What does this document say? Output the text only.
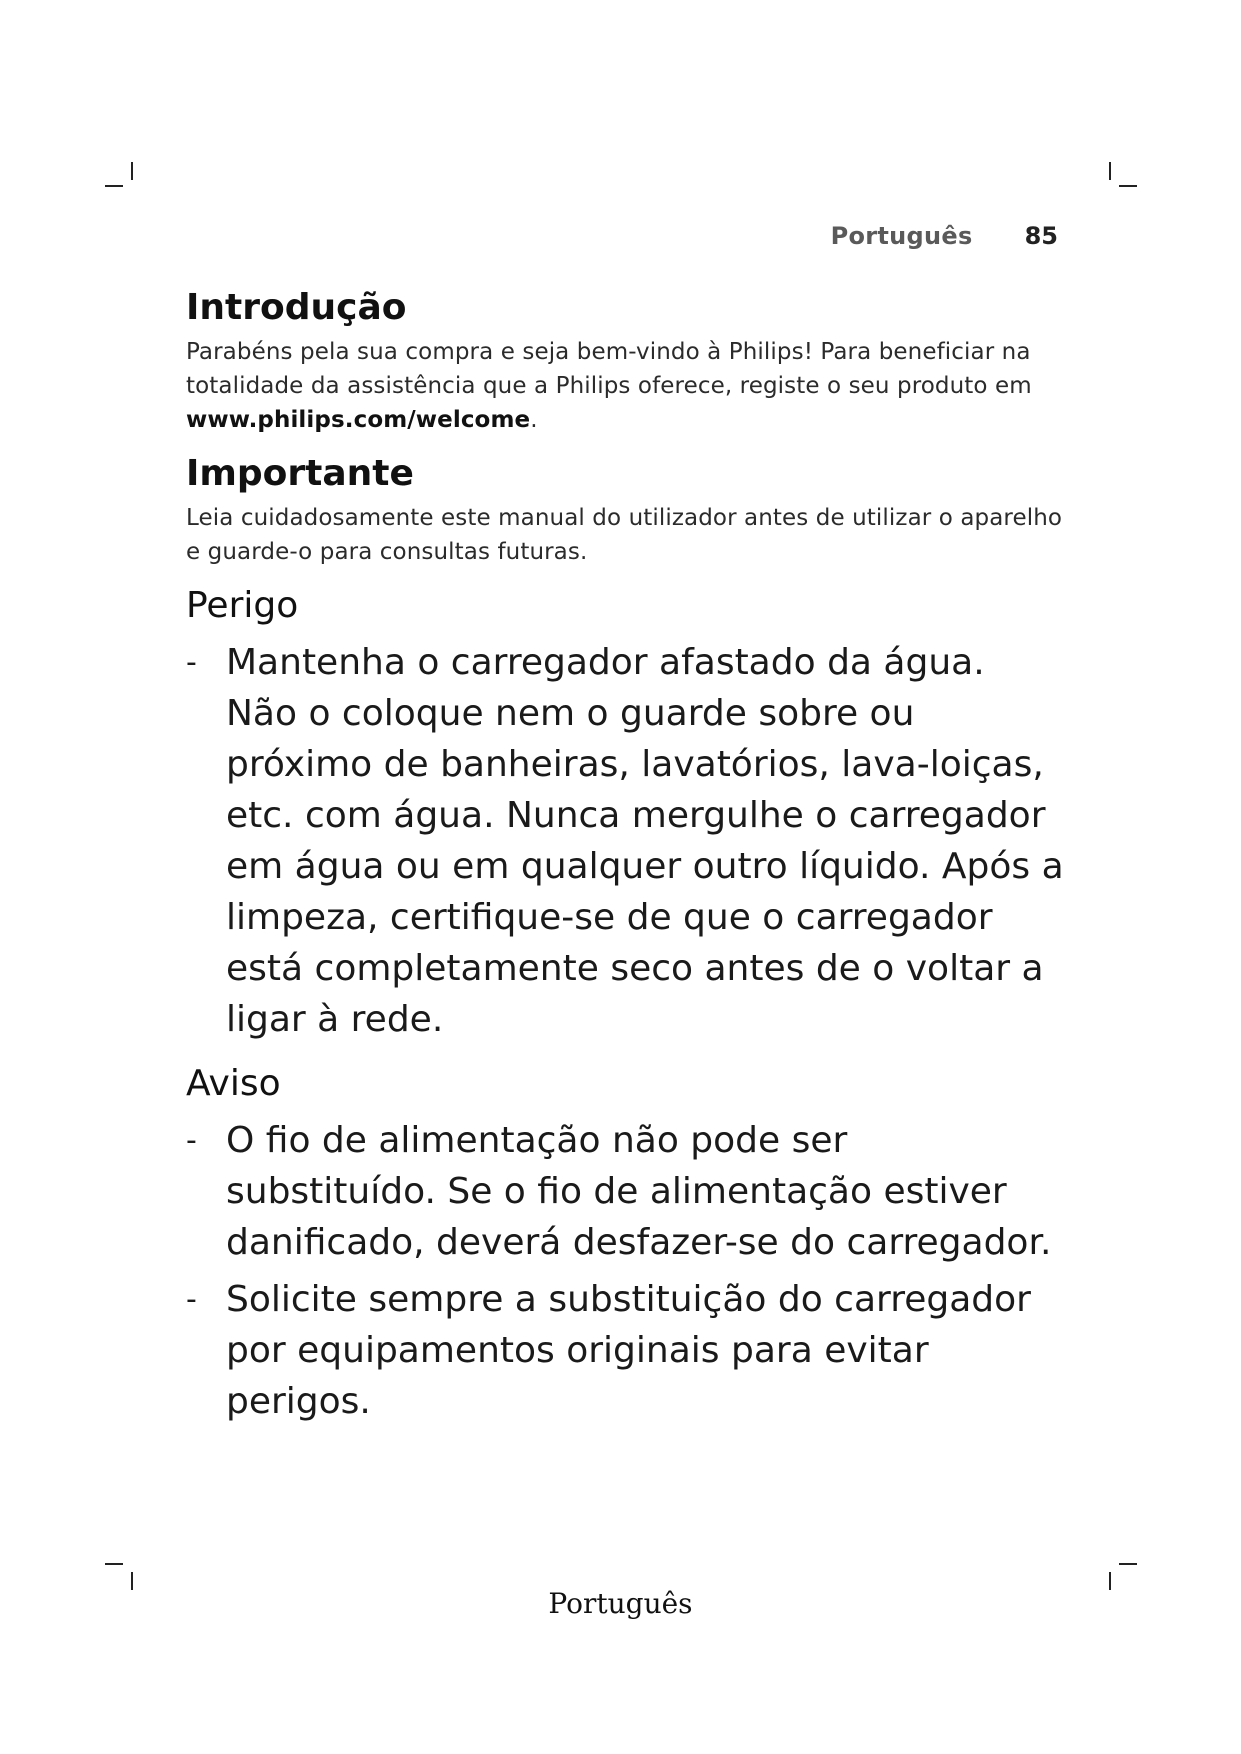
Português 85
Introdução

Parabéns pela sua compra e seja bem-vindo à Philips! Para beneficiar na totalidade da assistência que a Philips oferece, registe o seu produto em www.philips.com/welcome.

Importante

Leia cuidadosamente este manual do utilizador antes de utilizar o aparelho e guarde-o para consultas futuras.

Perigo
- Mantenha o carregador afastado da água. Não o coloque nem o guarde sobre ou próximo de banheiras, lavatórios, lava-loiças, etc. com água. Nunca mergulhe o carregador em água ou em qualquer outro líquido. Após a limpeza, certifique-se de que o carregador está completamente seco antes de o voltar a ligar à rede.
Aviso
- O fio de alimentação não pode ser substituído. Se o fio de alimentação estiver danificado, deverá desfazer-se do carregador.
- Solicite sempre a substituição do carregador por equipamentos originais para evitar perigos.
Português
